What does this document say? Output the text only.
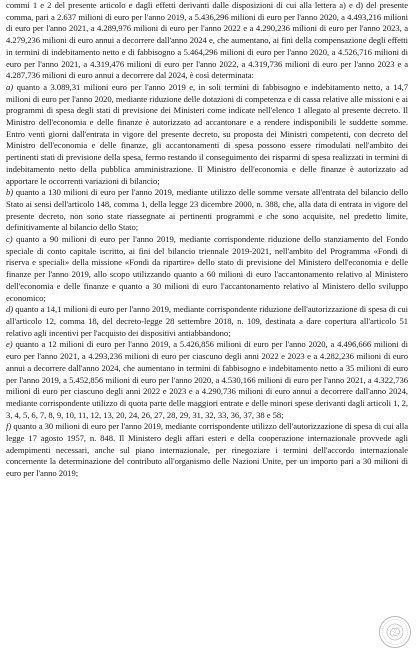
commi 1 e 2 del presente articolo e dagli effetti derivanti dalle disposizioni di cui alla lettera a) e d) del presente comma, pari a 2.637 milioni di euro per l'anno 2019, a 5.436,296 milioni di euro per l'anno 2020, a 4.493,216 milioni di euro per l'anno 2021, a 4.289,976 milioni di euro per l'anno 2022 e a 4.290,236 milioni di euro per l'anno 2023, a 4.279,236 milioni di euro annui a decorrere dall'anno 2024 e, che aumentano, ai fini della compensazione degli effetti in termini di indebitamento netto e di fabbisogno a 5.464,296 milioni di euro per l'anno 2020, a 4.526,716 milioni di euro per l'anno 2021, a 4.319,476 milioni di euro per l'anno 2022, a 4.319,736 milioni di euro per l'anno 2023 e a 4.287,736 milioni di euro annui a decorrere dal 2024, è così determinata:

a) quanto a 3.089,31 milioni euro per l'anno 2019 e, in soli termini di fabbisogno e indebitamento netto, a 14,7 milioni di euro per l'anno 2020, mediante riduzione delle dotazioni di competenza e di cassa relative alle missioni e ai programmi di spesa degli stati di previsione dei Ministeri come indicate nell'elenco 1 allegato al presente decreto. Il Ministro dell'economia e delle finanze è autorizzato ad accantonare e a rendere indisponibili le suddette somme. Entro venti giorni dall'entrata in vigore del presente decreto, su proposta dei Ministri competenti, con decreto del Ministro dell'economia e delle finanze, gli accantonamenti di spesa possono essere rimodulati nell'ambito dei pertinenti stati di previsione della spesa, fermo restando il conseguimento dei risparmi di spesa realizzati in termini di indebitamento netto della pubblica amministrazione. Il Ministro dell'economia e delle finanze è autorizzato ad apportare le occorrenti variazioni di bilancio;

b) quanto a 130 milioni di euro per l'anno 2019, mediante utilizzo delle somme versate all'entrata del bilancio dello Stato ai sensi dell'articolo 148, comma 1, della legge 23 dicembre 2000, n. 388, che, alla data di entrata in vigore del presente decreto, non sono state riassegnate ai pertinenti programmi e che sono acquisite, nel predetto limite, definitivamente al bilancio dello Stato;

c) quanto a 90 milioni di euro per l'anno 2019, mediante corrispondente riduzione dello stanziamento del Fondo speciale di conto capitale iscritto, ai fini del bilancio triennale 2019-2021, nell'ambito del Programma «Fondi di riserva e speciali» della missione «Fondi da ripartire» dello stato di previsione del Ministero dell'economia e delle finanze per l'anno 2019, allo scopo utilizzando quanto a 60 milioni di euro l'accantonamento relativo al Ministero dell'economia e delle finanze e quanto a 30 milioni di euro l'accantonamento relativo al Ministero dello sviluppo economico;

d) quanto a 14,1 milioni di euro per l'anno 2019, mediante corrispondente riduzione dell'autorizzazione di spesa di cui all'articolo 12, comma 18, del decreto-legge 28 settembre 2018, n. 109, destinata a dare copertura all'articolo 51 relativo agli incentivi per l'acquisto dei dispositivi antiabbandono;

e) quanto a 12 milioni di euro per l'anno 2019, a 5.426,856 milioni di euro per l'anno 2020, a 4.496,666 milioni di euro per l'anno 2021, a 4.293,236 milioni di euro per ciascuno degli anni 2022 e 2023 e a 4.282,236 milioni di euro annui a decorrere dall'anno 2024, che aumentano in termini di fabbisogno e indebitamento netto a 35 milioni di euro per l'anno 2019, a 5.452,856 milioni di euro per l'anno 2020, a 4.530,166 milioni di euro per l'anno 2021, a 4.322,736 milioni di euro per ciascuno degli anni 2022 e 2023 e a 4.290,736 milioni di euro annui a decorrere dall'anno 2024, mediante corrispondente utilizzo di quota parte delle maggiori entrate e delle minori spese derivanti dagli articoli 1, 2, 3, 4, 5, 6, 7, 8, 9, 10, 11, 12, 13, 20, 24, 26, 27, 28, 29, 31, 32, 33, 36, 37, 38 e 58;

f) quanto a 30 milioni di euro per l'anno 2019, mediante corrispondente utilizzo dell'autorizzazione di spesa di cui alla legge 17 agosto 1957, n. 848. Il Ministero degli affari esteri e della cooperazione internazionale provvede agli adempimenti necessari, anche sul piano internazionale, per rinegoziare i termini dell'accordo internazionale concernente la determinazione del contributo all'organismo delle Nazioni Unite, per un importo pari a 30 milioni di euro per l'anno 2019;
